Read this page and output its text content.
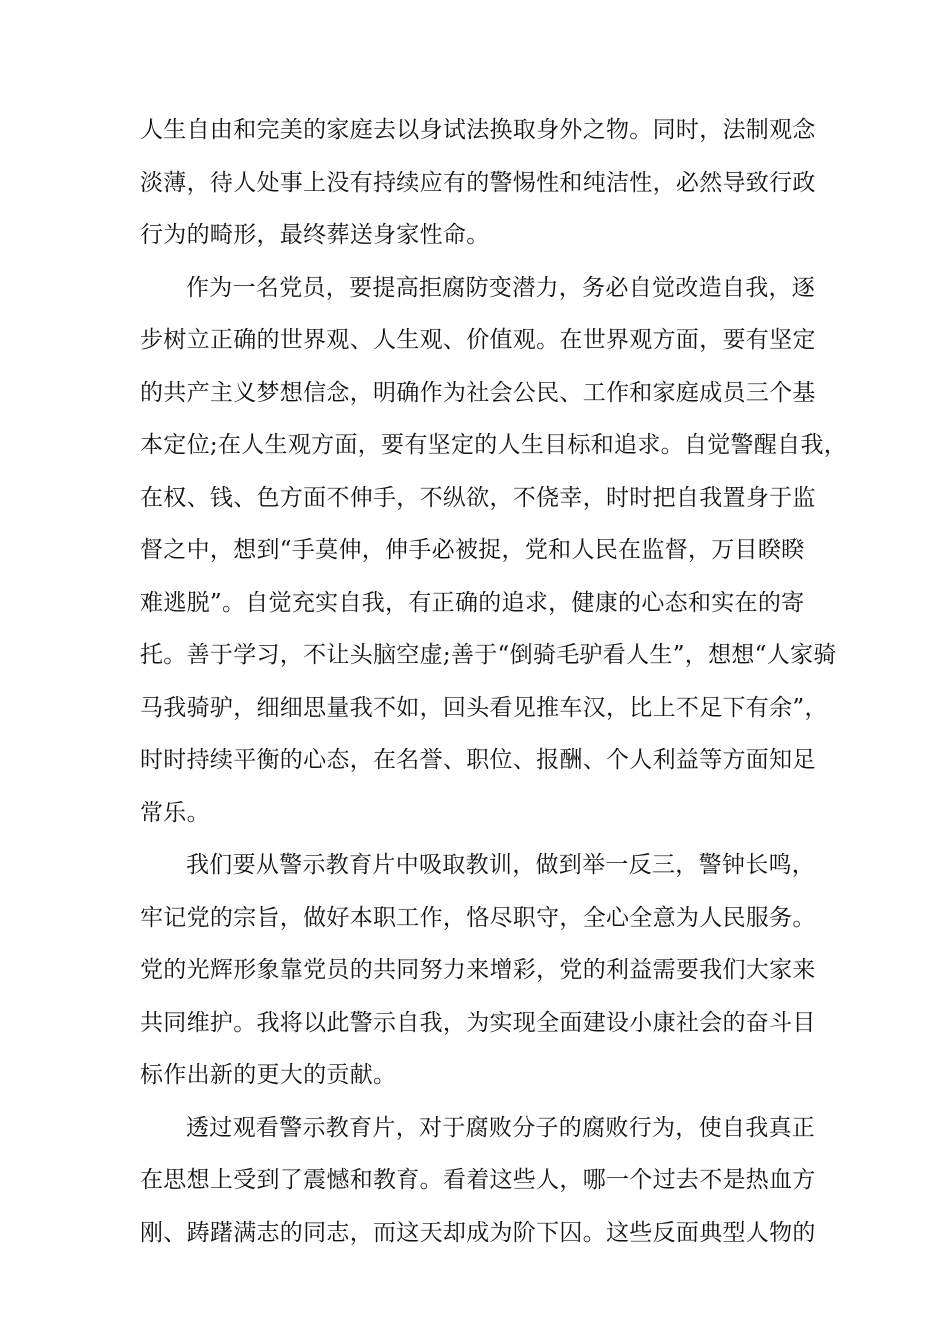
人生自由和完美的家庭去以身试法换取身外之物。同时，法制观念
淡薄，待人处事上没有持续应有的警惕性和纯洁性，必然导致行政
行为的畸形，最终葬送身家性命。
作为一名党员，要提高拒腐防变潜力，务必自觉改造自我，逐
步树立正确的世界观、人生观、价值观。在世界观方面，要有坚定
的共产主义梦想信念，明确作为社会公民、工作和家庭成员三个基
本定位;在人生观方面，要有坚定的人生目标和追求。自觉警醒自我，
在权、钱、色方面不伸手，不纵欲，不侥幸，时时把自我置身于监
督之中，想到“手莫伸，伸手必被捉，党和人民在监督，万目睽睽
难逃脱”。自觉充实自我，有正确的追求，健康的心态和实在的寄
托。善于学习，不让头脑空虚;善于“倒骑毛驴看人生”，想想“人家骑
马我骑驴，细细思量我不如，回头看见推车汉，比上不足下有余”，
时时持续平衡的心态，在名誉、职位、报酬、个人利益等方面知足
常乐。
我们要从警示教育片中吸取教训，做到举一反三，警钟长鸣，
牢记党的宗旨，做好本职工作，恪尽职守，全心全意为人民服务。
党的光辉形象靠党员的共同努力来增彩，党的利益需要我们大家来
共同维护。我将以此警示自我，为实现全面建设小康社会的奋斗目
标作出新的更大的贡献。
透过观看警示教育片，对于腐败分子的腐败行为，使自我真正
在思想上受到了震憾和教育。看着这些人，哪一个过去不是热血方
刚、踌躇满志的同志，而这天却成为阶下囚。这些反面典型人物的
